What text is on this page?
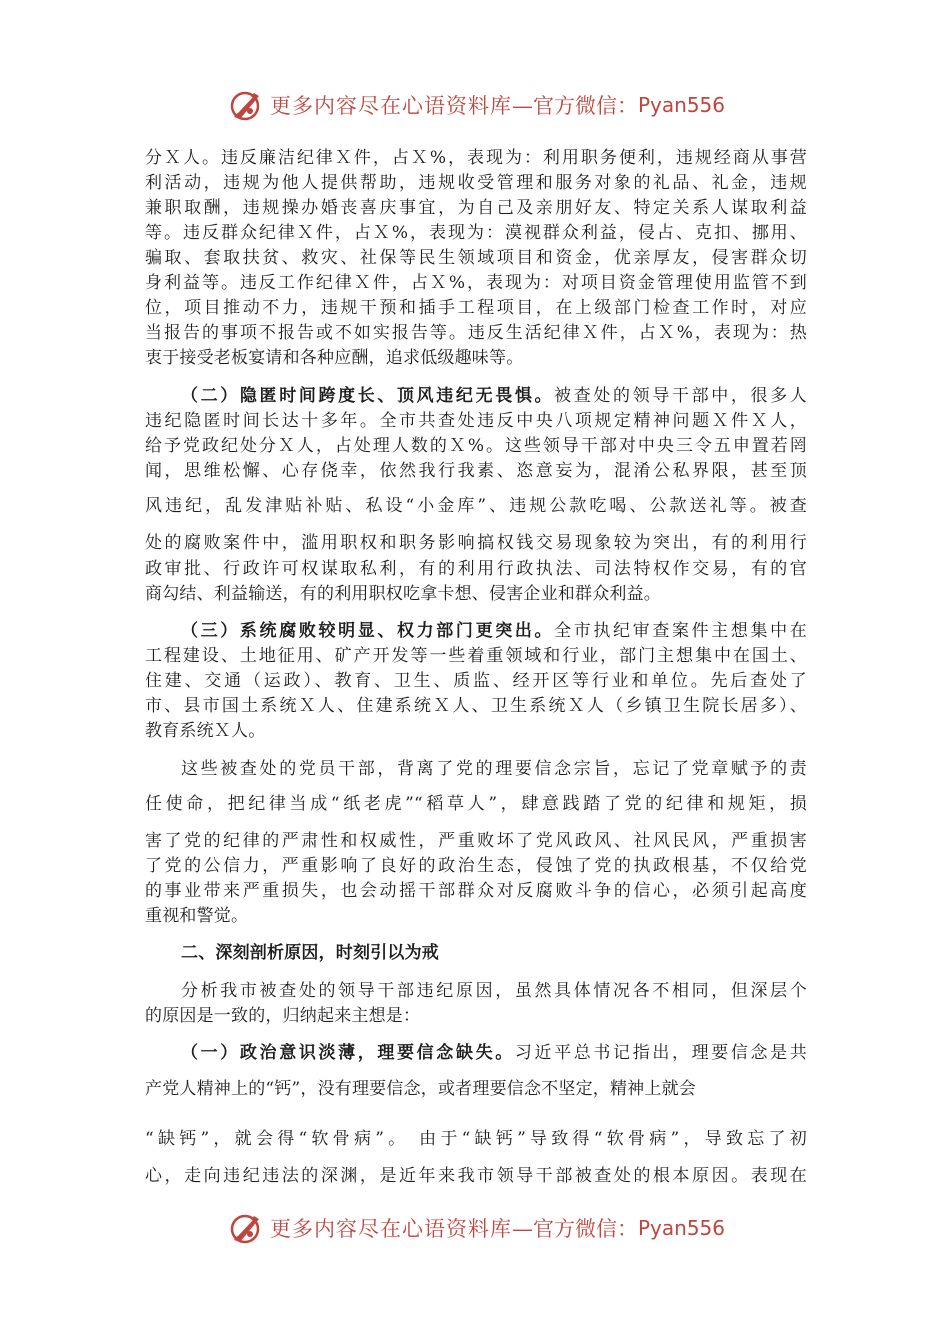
更多内容尽在心语资料库 —官方微信： Pyan556
分Ｘ人。违反廉洁纪律Ｘ件，占Ｘ%，表现为：利用职务便利，违规经商从事营
利活动，违规为他人提供帮助，违规收受管理和服务对象的礼品、礼金，违规
兼职取酬，违规操办婚丧喜庆事宜，为自己及亲朋好友、特定关系人谋取利益
等。违反群众纪律Ｘ件，占Ｘ%，表现为：漠视群众利益，侵占、克扣、挪用、
骗取、套取扶贫、救灾、社保等民生领域项目和资金，优亲厚友，侵害群众切
身利益等。违反工作纪律Ｘ件，占Ｘ%，表现为：对项目资金管理使用监管不到
位，项目推动不力，违规干预和插手工程项目，在上级部门检查工作时，对应
当报告的事项不报告或不如实报告等。违反生活纪律Ｘ件，占Ｘ%，表现为：热
衷于接受老板宴请和各种应酬，追求低级趣味等。
（二）隐匿时间跨度长、顶风违纪无畏惧。被查处的领导干部中，很多人
违纪隐匿时间长达十多年。全市共查处违反中央八项规定精神问题Ｘ件Ｘ人，
给予党政纪处分Ｘ人，占处理人数的Ｘ%。这些领导干部对中央三令五申置若罔
闻，思维松懈、心存侥幸，依然我行我素、恣意妄为，混淆公私界限，甚至顶
风违纪，乱发津贴补贴、私设“小金库”、违规公款吃喝、公款送礼等。被查
处的腐败案件中，滥用职权和职务影响搞权钱交易现象较为突出，有的利用行
政审批、行政许可权谋取私利，有的利用行政执法、司法特权作交易，有的官
商勾结、利益输送，有的利用职权吃拿卡想、侵害企业和群众利益。
（三）系统腐败较明显、权力部门更突出。全市执纪审查案件主想集中在
工程建设、土地征用、矿产开发等一些着重领域和行业，部门主想集中在国土、
住建、交通（运政）、教育、卫生、质监、经开区等行业和单位。先后查处了
市、县市国土系统Ｘ人、住建系统Ｘ人、卫生系统Ｘ人（乡镇卫生院长居多）、
教育系统Ｘ人。
这些被查处的党员干部，背离了党的理要信念宗旨，忘记了党章赋予的责
任使命，把纪律当成“纸老虎”“稻草人”，肆意践踏了党的纪律和规矩，损
害了党的纪律的严肃性和权威性，严重败坏了党风政风、社风民风，严重损害
了党的公信力，严重影响了良好的政治生态，侵蚀了党的执政根基，不仅给党
的事业带来严重损失，也会动摇干部群众对反腐败斗争的信心，必须引起高度
重视和警觉。
二、深刻剖析原因，时刻引以为戒
分析我市被查处的领导干部违纪原因，虽然具体情况各不相同，但深层个
的原因是一致的，归纳起来主想是：
（一）政治意识淡薄，理要信念缺失。习近平总书记指出，理要信念是共
产党人精神上的“钙”，没有理要信念，或者理要信念不坚定，精神上就会
“缺钙”，就会得“软骨病”。 由于“缺钙”导致得“软骨病”，导致忘了初
心，走向违纪违法的深渊，是近年来我市领导干部被查处的根本原因。表现在
更多内容尽在心语资料库 —官方微信： Pyan556
